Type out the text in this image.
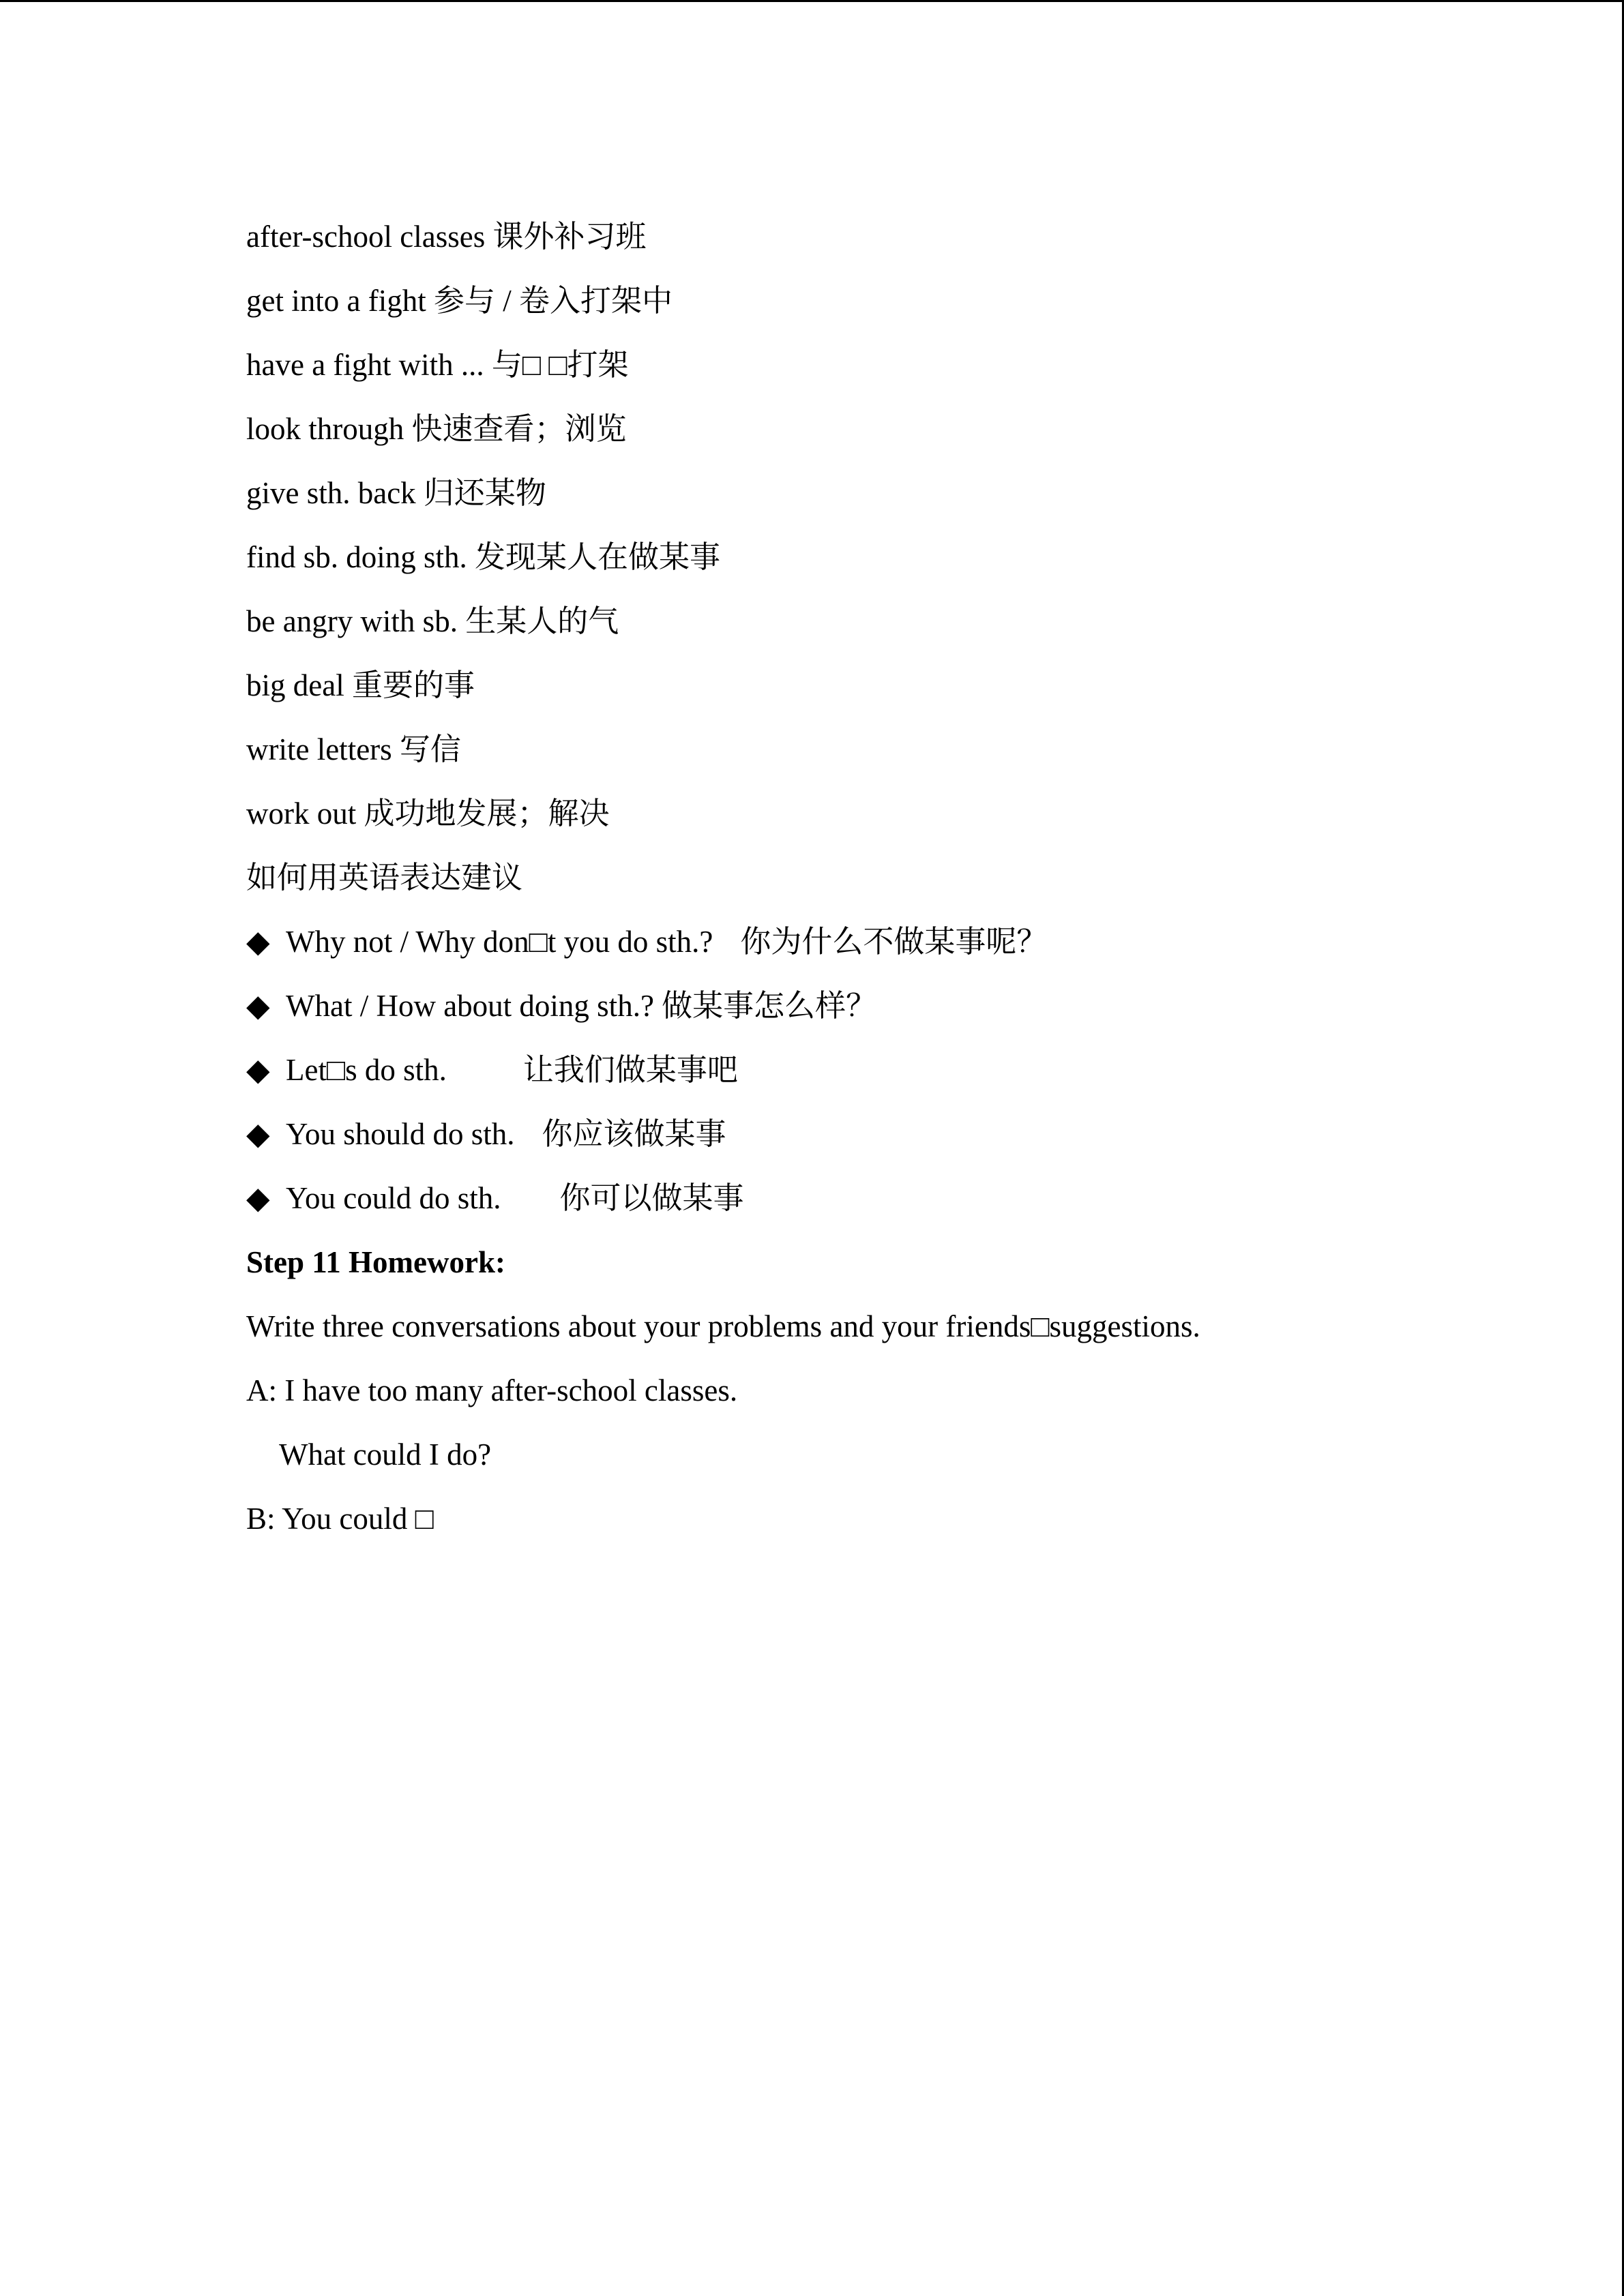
after-school classes 课外补习班
get into a fight 参与 / 卷入打架中
have a fight with ... 与□ □打架
look through 快速查看；浏览
give sth. back 归还某物
find sb. doing sth. 发现某人在做某事
be angry with sb. 生某人的气
big deal 重要的事
write letters 写信
work out 成功地发展；解决
如何用英语表达建议
◆ Why not / Why don□t you do sth.? 你为什么不做某事呢？
◆ What / How about doing sth.? 做某事怎么样？
◆ Let□s do sth. 让我们做某事吧
◆ You should do sth. 你应该做某事
◆ You could do sth. 你可以做某事
Step 11 Homework:
Write three conversations about your problems and your friends□suggestions.
A: I have too many after-school classes.
What could I do?
B: You could □
